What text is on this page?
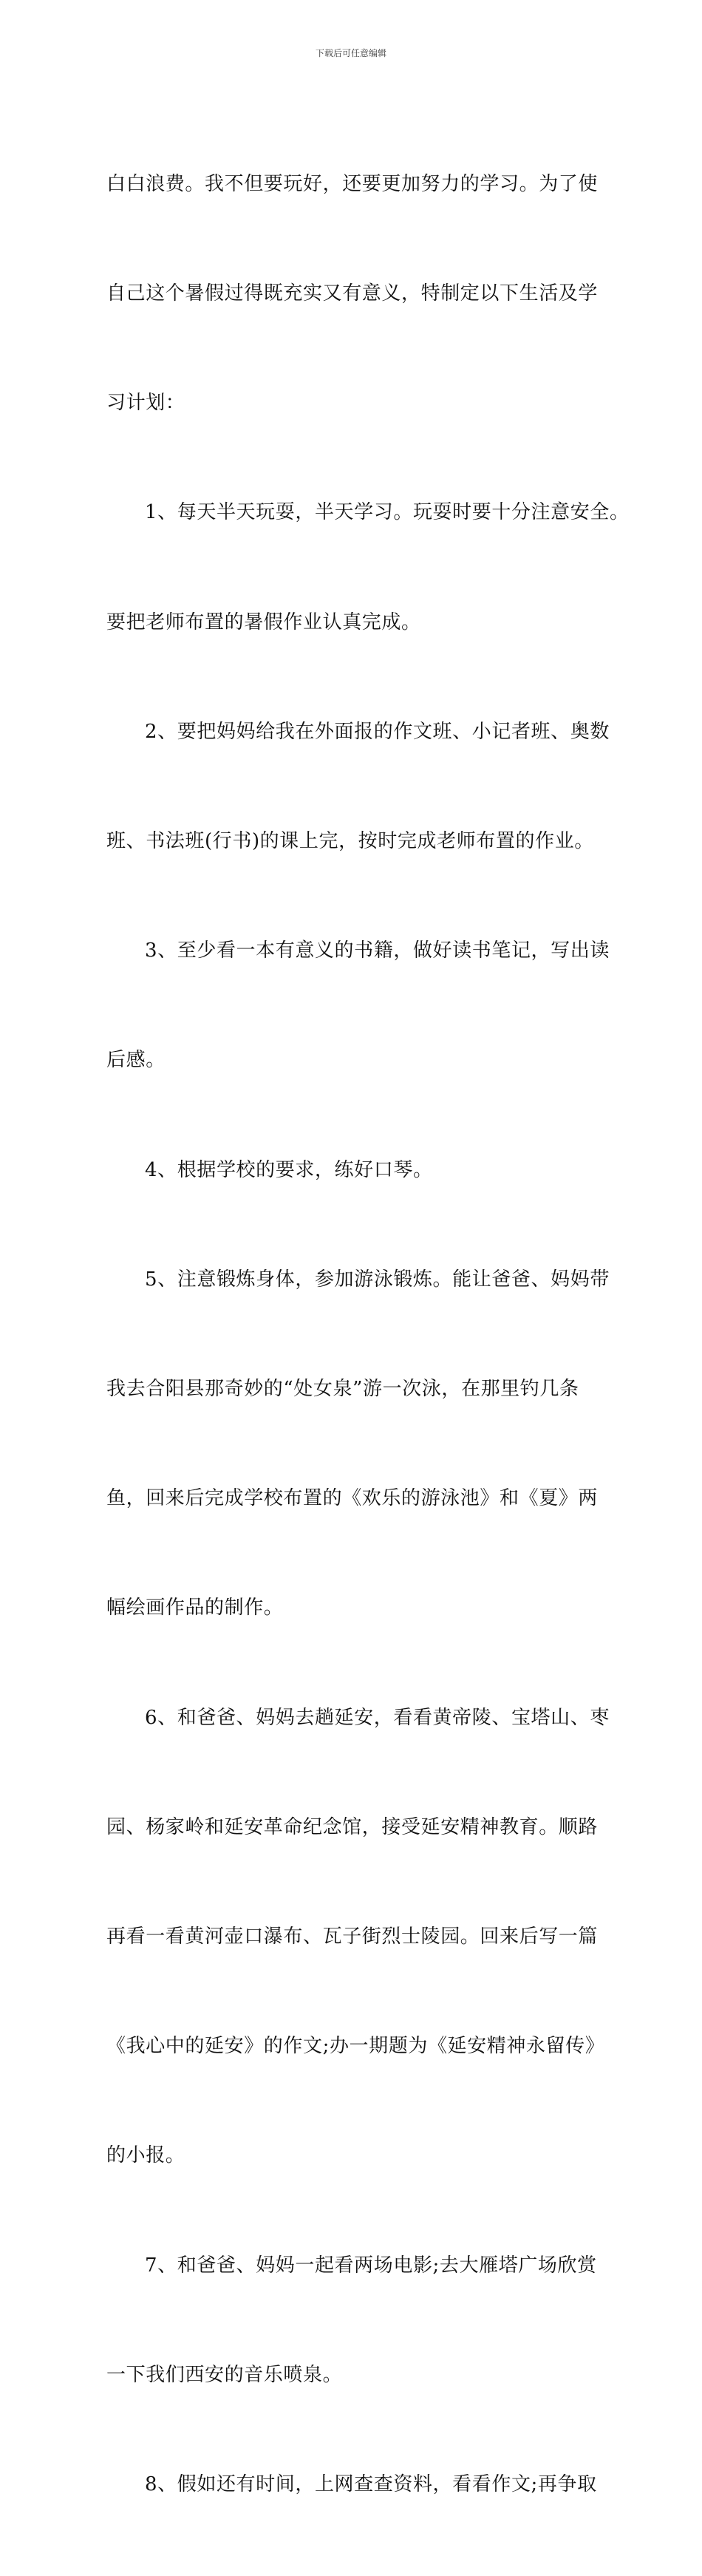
下载后可任意编辑

白白浪费。我不但要玩好，还要更加努力的学习。为了使

自己这个暑假过得既充实又有意义，特制定以下生活及学

习计划：

1、每天半天玩耍，半天学习。玩耍时要十分注意安全。

要把老师布置的暑假作业认真完成。

2、要把妈妈给我在外面报的作文班、小记者班、奥数

班、书法班(行书)的课上完，按时完成老师布置的作业。

3、至少看一本有意义的书籍，做好读书笔记，写出读

后感。

4、根据学校的要求，练好口琴。

5、注意锻炼身体，参加游泳锻炼。能让爸爸、妈妈带

我去合阳县那奇妙的“处女泉”游一次泳，在那里钓几条

鱼，回来后完成学校布置的《欢乐的游泳池》和《夏》两

幅绘画作品的制作。

6、和爸爸、妈妈去趟延安，看看黄帝陵、宝塔山、枣

园、杨家岭和延安革命纪念馆，接受延安精神教育。顺路

再看一看黄河壶口瀑布、瓦子街烈士陵园。回来后写一篇

《我心中的延安》的作文;办一期题为《延安精神永留传》

的小报。

7、和爸爸、妈妈一起看两场电影;去大雁塔广场欣赏

一下我们西安的音乐喷泉。

8、假如还有时间，上网查查资料，看看作文;再争取
